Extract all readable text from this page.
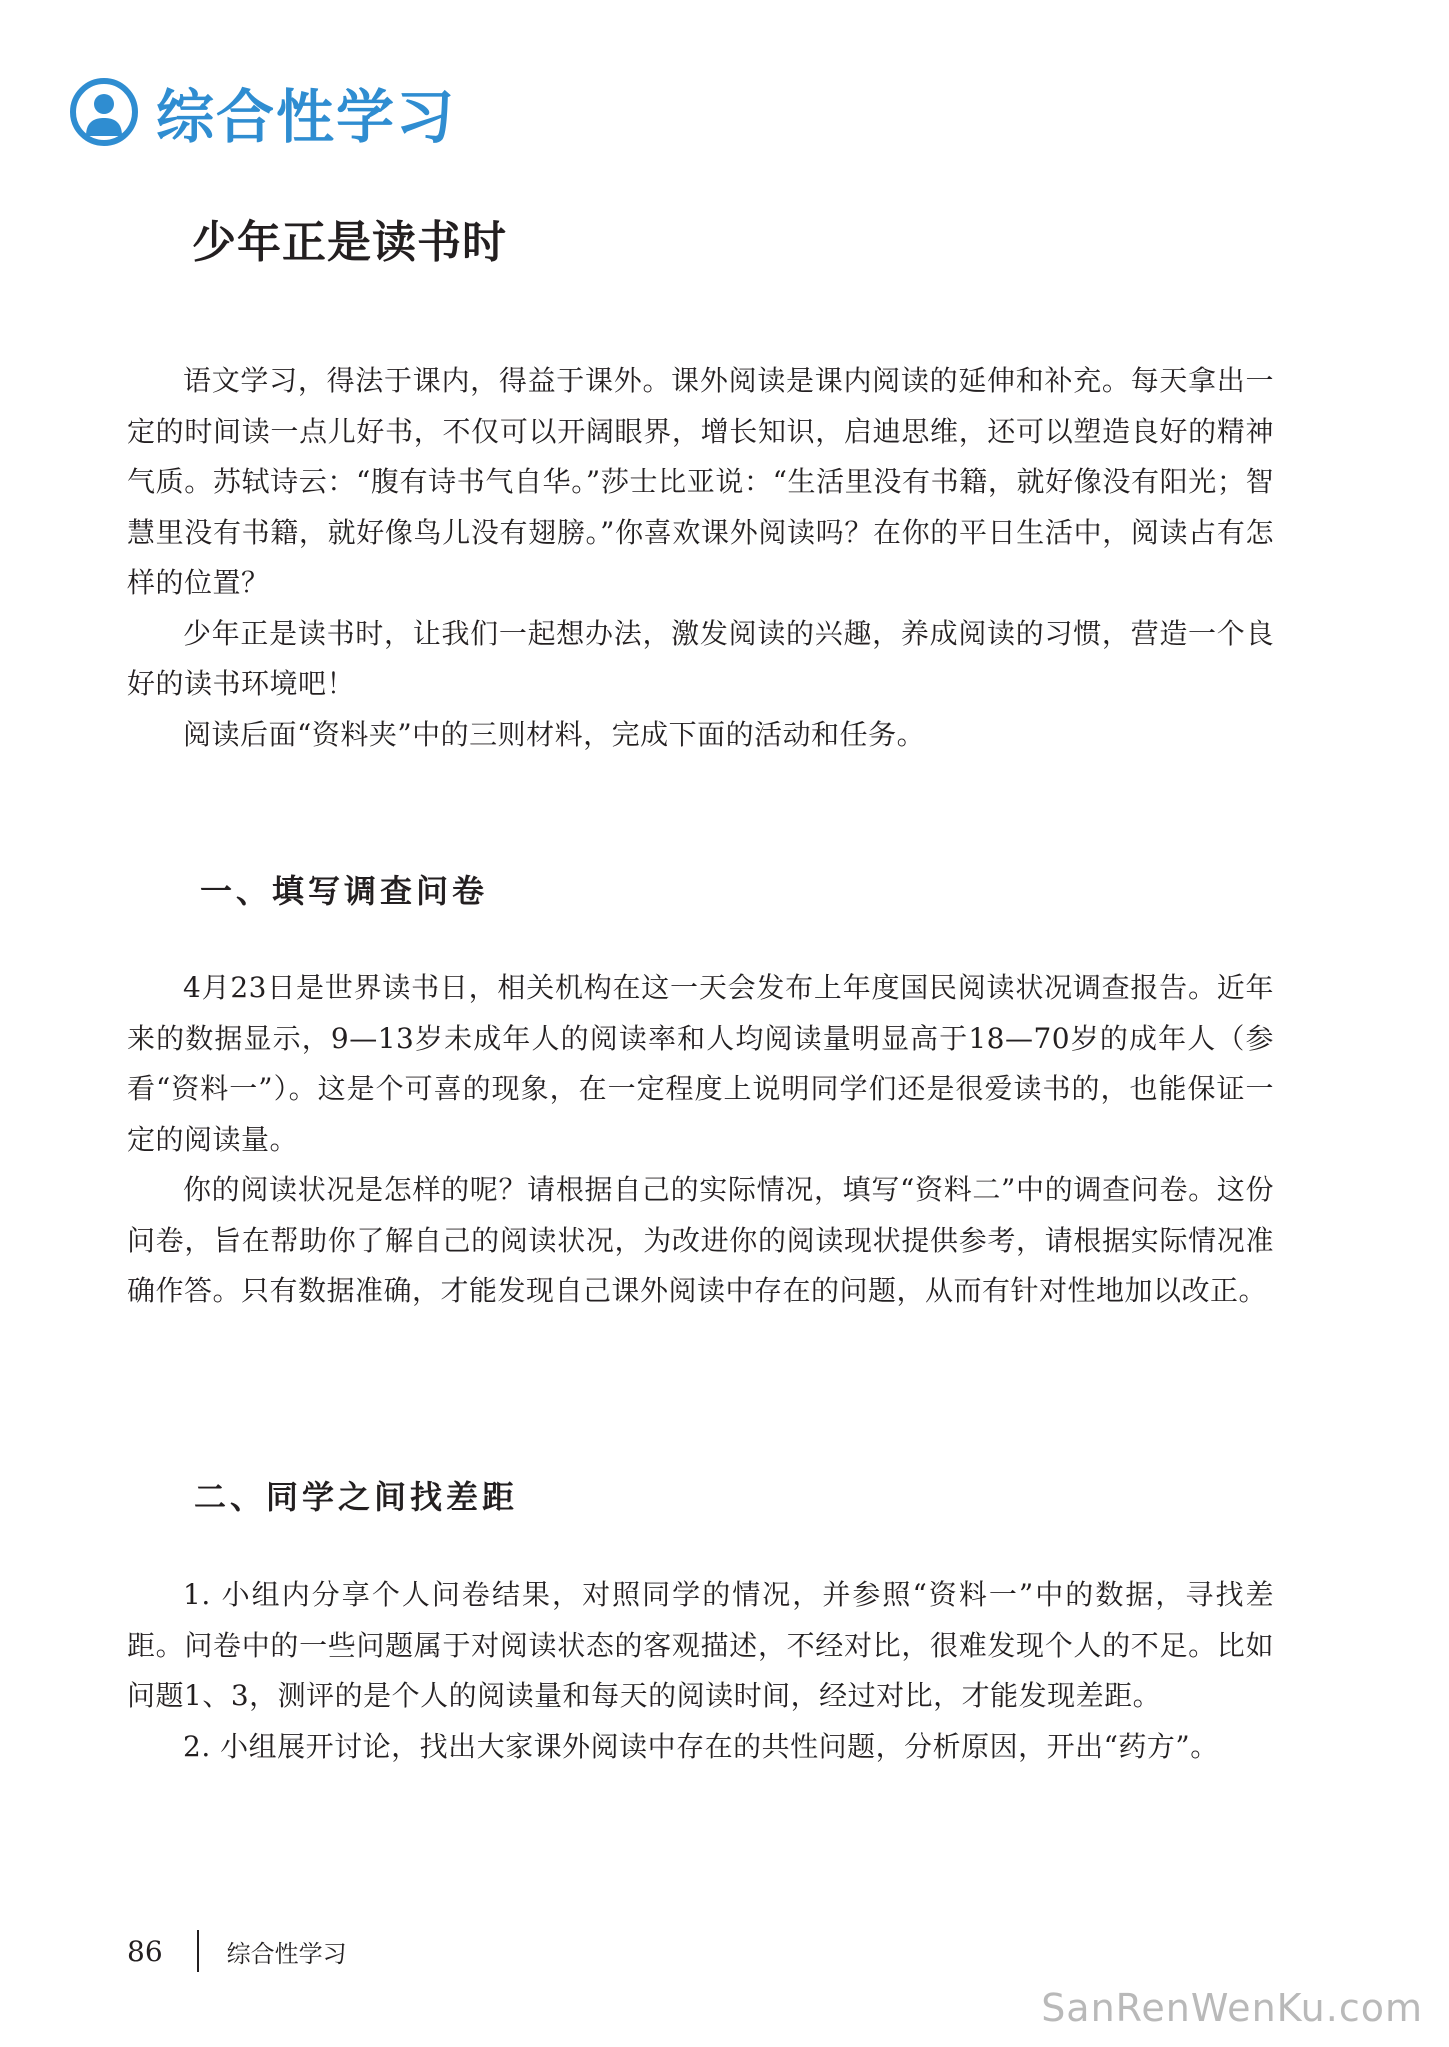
综合性学习
少年正是读书时

语文学习，得法于课内，得益于课外。课外阅读是课内阅读的延伸和补充。每天拿出一定的时间读一点儿好书，不仅可以开阔眼界，增长知识，启迪思维，还可以塑造良好的精神气质。苏轼诗云：“腹有诗书气自华。”莎士比亚说：“生活里没有书籍，就好像没有阳光；智慧里没有书籍，就好像鸟儿没有翅膀。”你喜欢课外阅读吗？在你的平日生活中，阅读占有怎样的位置？

少年正是读书时，让我们一起想办法，激发阅读的兴趣，养成阅读的习惯，营造一个良好的读书环境吧！

阅读后面“资料夹”中的三则材料，完成下面的活动和任务。

一、填写调查问卷

4月23日是世界读书日，相关机构在这一天会发布上年度国民阅读状况调查报告。近年来的数据显示，9—13岁未成年人的阅读率和人均阅读量明显高于18—70岁的成年人（参看“资料一”）。这是个可喜的现象，在一定程度上说明同学们还是很爱读书的，也能保证一定的阅读量。

你的阅读状况是怎样的呢？请根据自己的实际情况，填写“资料二”中的调查问卷。这份问卷，旨在帮助你了解自己的阅读状况，为改进你的阅读现状提供参考，请根据实际情况准确作答。只有数据准确，才能发现自己课外阅读中存在的问题，从而有针对性地加以改正。

二、同学之间找差距

1. 小组内分享个人问卷结果，对照同学的情况，并参照“资料一”中的数据，寻找差距。问卷中的一些问题属于对阅读状态的客观描述，不经对比，很难发现个人的不足。比如问题1、3，测评的是个人的阅读量和每天的阅读时间，经过对比，才能发现差距。

2. 小组展开讨论，找出大家课外阅读中存在的共性问题，分析原因，开出“药方”。

86	综合性学习
SanRenWenKu.com
